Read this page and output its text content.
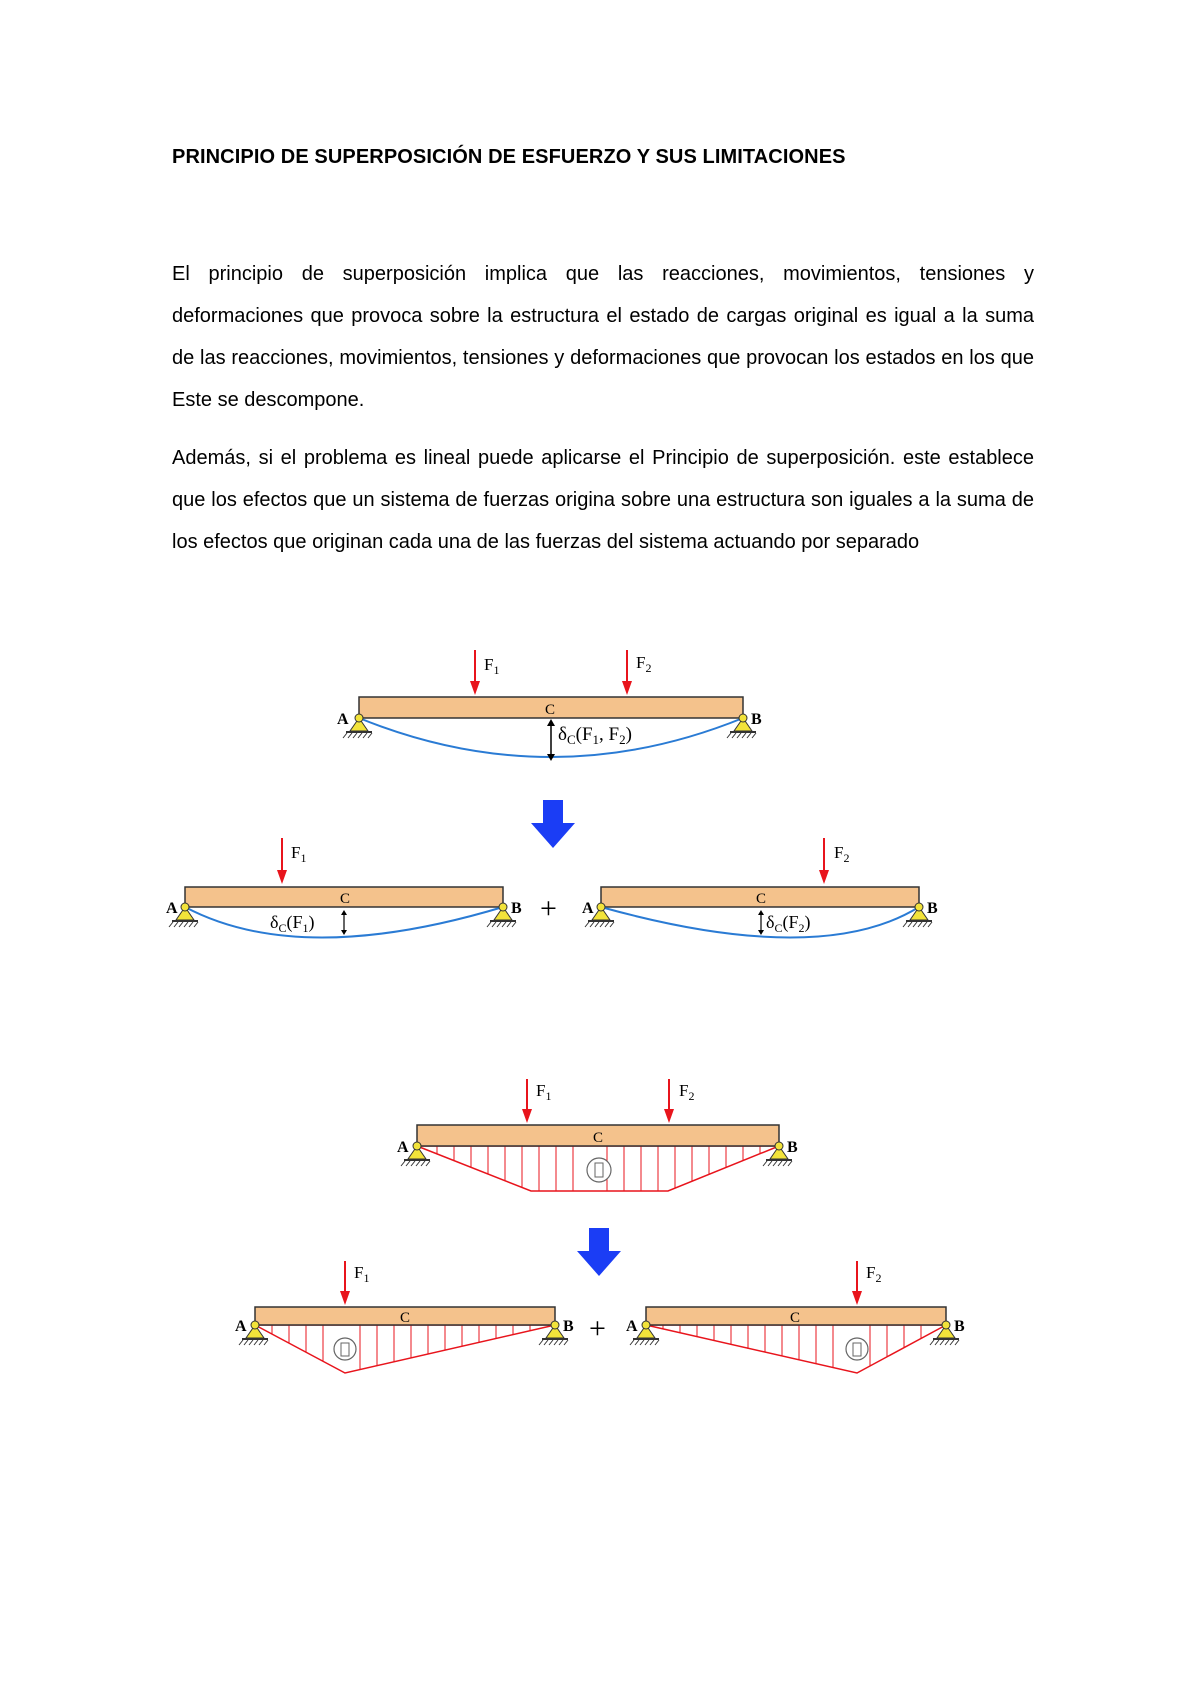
PRINCIPIO DE SUPERPOSICIÓN DE ESFUERZO Y SUS LIMITACIONES

El principio de superposición implica que las reacciones, movimientos, tensiones y deformaciones que provoca sobre la estructura el estado de cargas original es igual a la suma de las reacciones, movimientos, tensiones y deformaciones que provocan los estados en los que Este se descompone.

Además, si el problema es lineal puede aplicarse el Principio de superposición. este establece que los efectos que un sistema de fuerzas origina sobre una estructura son iguales a la suma de los efectos que originan cada una de las fuerzas del sistema actuando por separado

A	B
C
$F_1$	$F_2$
$\delta_C(F_1$, $F_2$)
A	B
C
$F_1$
$\delta_C(F_1)$	+ A	B
C
$F_2$
$\delta_C(F_2)$
A	B
C
$F_1$	$F_2$
A	B
C
$F_1$
+ A	B
C
$F_2$
